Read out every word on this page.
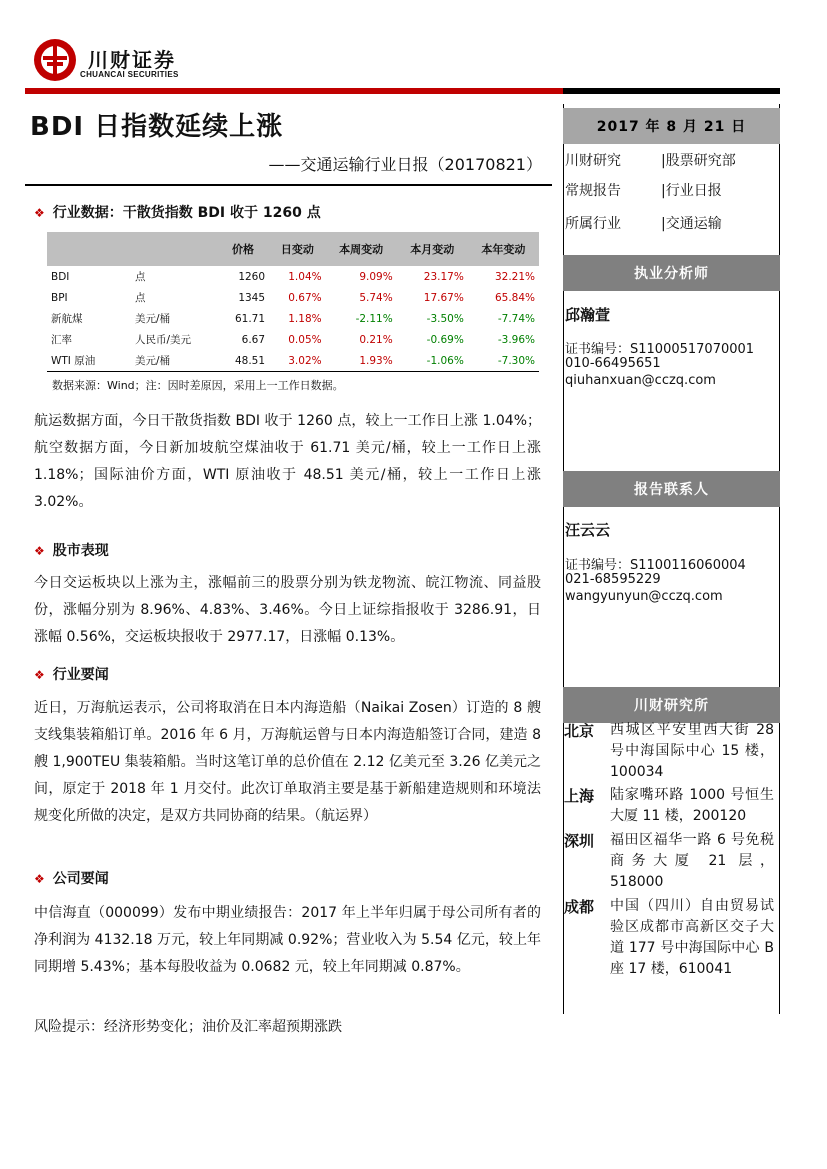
川财证券
CHUANCAI SECURITIES
BDI 日指数延续上涨
——交通运输行业日报（20170821）
❖ 行业数据：干散货指数 BDI 收于 1260 点
		价格	日变动	本周变动	本月变动	本年变动
BDI	点	1260	1.04%	9.09%	23.17%	32.21%
BPI	点	1345	0.67%	5.74%	17.67%	65.84%
新航煤	美元/桶	61.71	1.18%	-2.11%	-3.50%	-7.74%
汇率	人民币/美元	6.67	0.05%	0.21%	-0.69%	-3.96%
WTI 原油	美元/桶	48.51	3.02%	1.93%	-1.06%	-7.30%
数据来源：Wind；注：因时差原因，采用上一工作日数据。
航运数据方面，今日干散货指数 BDI 收于 1260 点，较上一工作日上涨 1.04%；航空数据方面，今日新加坡航空煤油收于 61.71 美元/桶，较上一工作日上涨 1.18%；国际油价方面，WTI 原油收于 48.51 美元/桶，较上一工作日上涨 3.02%。
❖ 股市表现
今日交运板块以上涨为主，涨幅前三的股票分别为铁龙物流、皖江物流、同益股份，涨幅分别为 8.96%、4.83%、3.46%。今日上证综指报收于 3286.91，日涨幅 0.56%，交运板块报收于 2977.17，日涨幅 0.13%。
❖ 行业要闻
近日，万海航运表示，公司将取消在日本内海造船（Naikai Zosen）订造的 8 艘支线集装箱船订单。2016 年 6 月，万海航运曾与日本内海造船签订合同，建造 8 艘 1,900TEU 集装箱船。当时这笔订单的总价值在 2.12 亿美元至 3.26 亿美元之间，原定于 2018 年 1 月交付。此次订单取消主要是基于新船建造规则和环境法规变化所做的决定，是双方共同协商的结果。（航运界）
❖ 公司要闻
中信海直（000099）发布中期业绩报告：2017 年上半年归属于母公司所有者的净利润为 4132.18 万元，较上年同期减 0.92%；营业收入为 5.54 亿元，较上年同期增 5.43%；基本每股收益为 0.0682 元，较上年同期减 0.87%。
风险提示：经济形势变化；油价及汇率超预期涨跌
2017 年 8 月 21 日
川财研究	|股票研究部
常规报告	|行业日报
所属行业	|交通运输
执业分析师
邱瀚萱
证书编号：S1100051707000​1
010-66495651
qiuhanxuan@cczq.com
报告联系人
汪云云
证书编号：S1100116060004
021-68595229
wangyunyun@cczq.com
川财研究所
北京	西城区平安里西大街 28 号中海国际中心 15 楼，100034
上海	陆家嘴环路 1000 号恒生大厦 11 楼，200120
深圳	福田区福华一路 6 号免税商务大厦 21 层，518000
成都	中国（四川）自由贸易试验区成都市高新区交子大道 177 号中海国际中心 B 座 17 楼，610041
